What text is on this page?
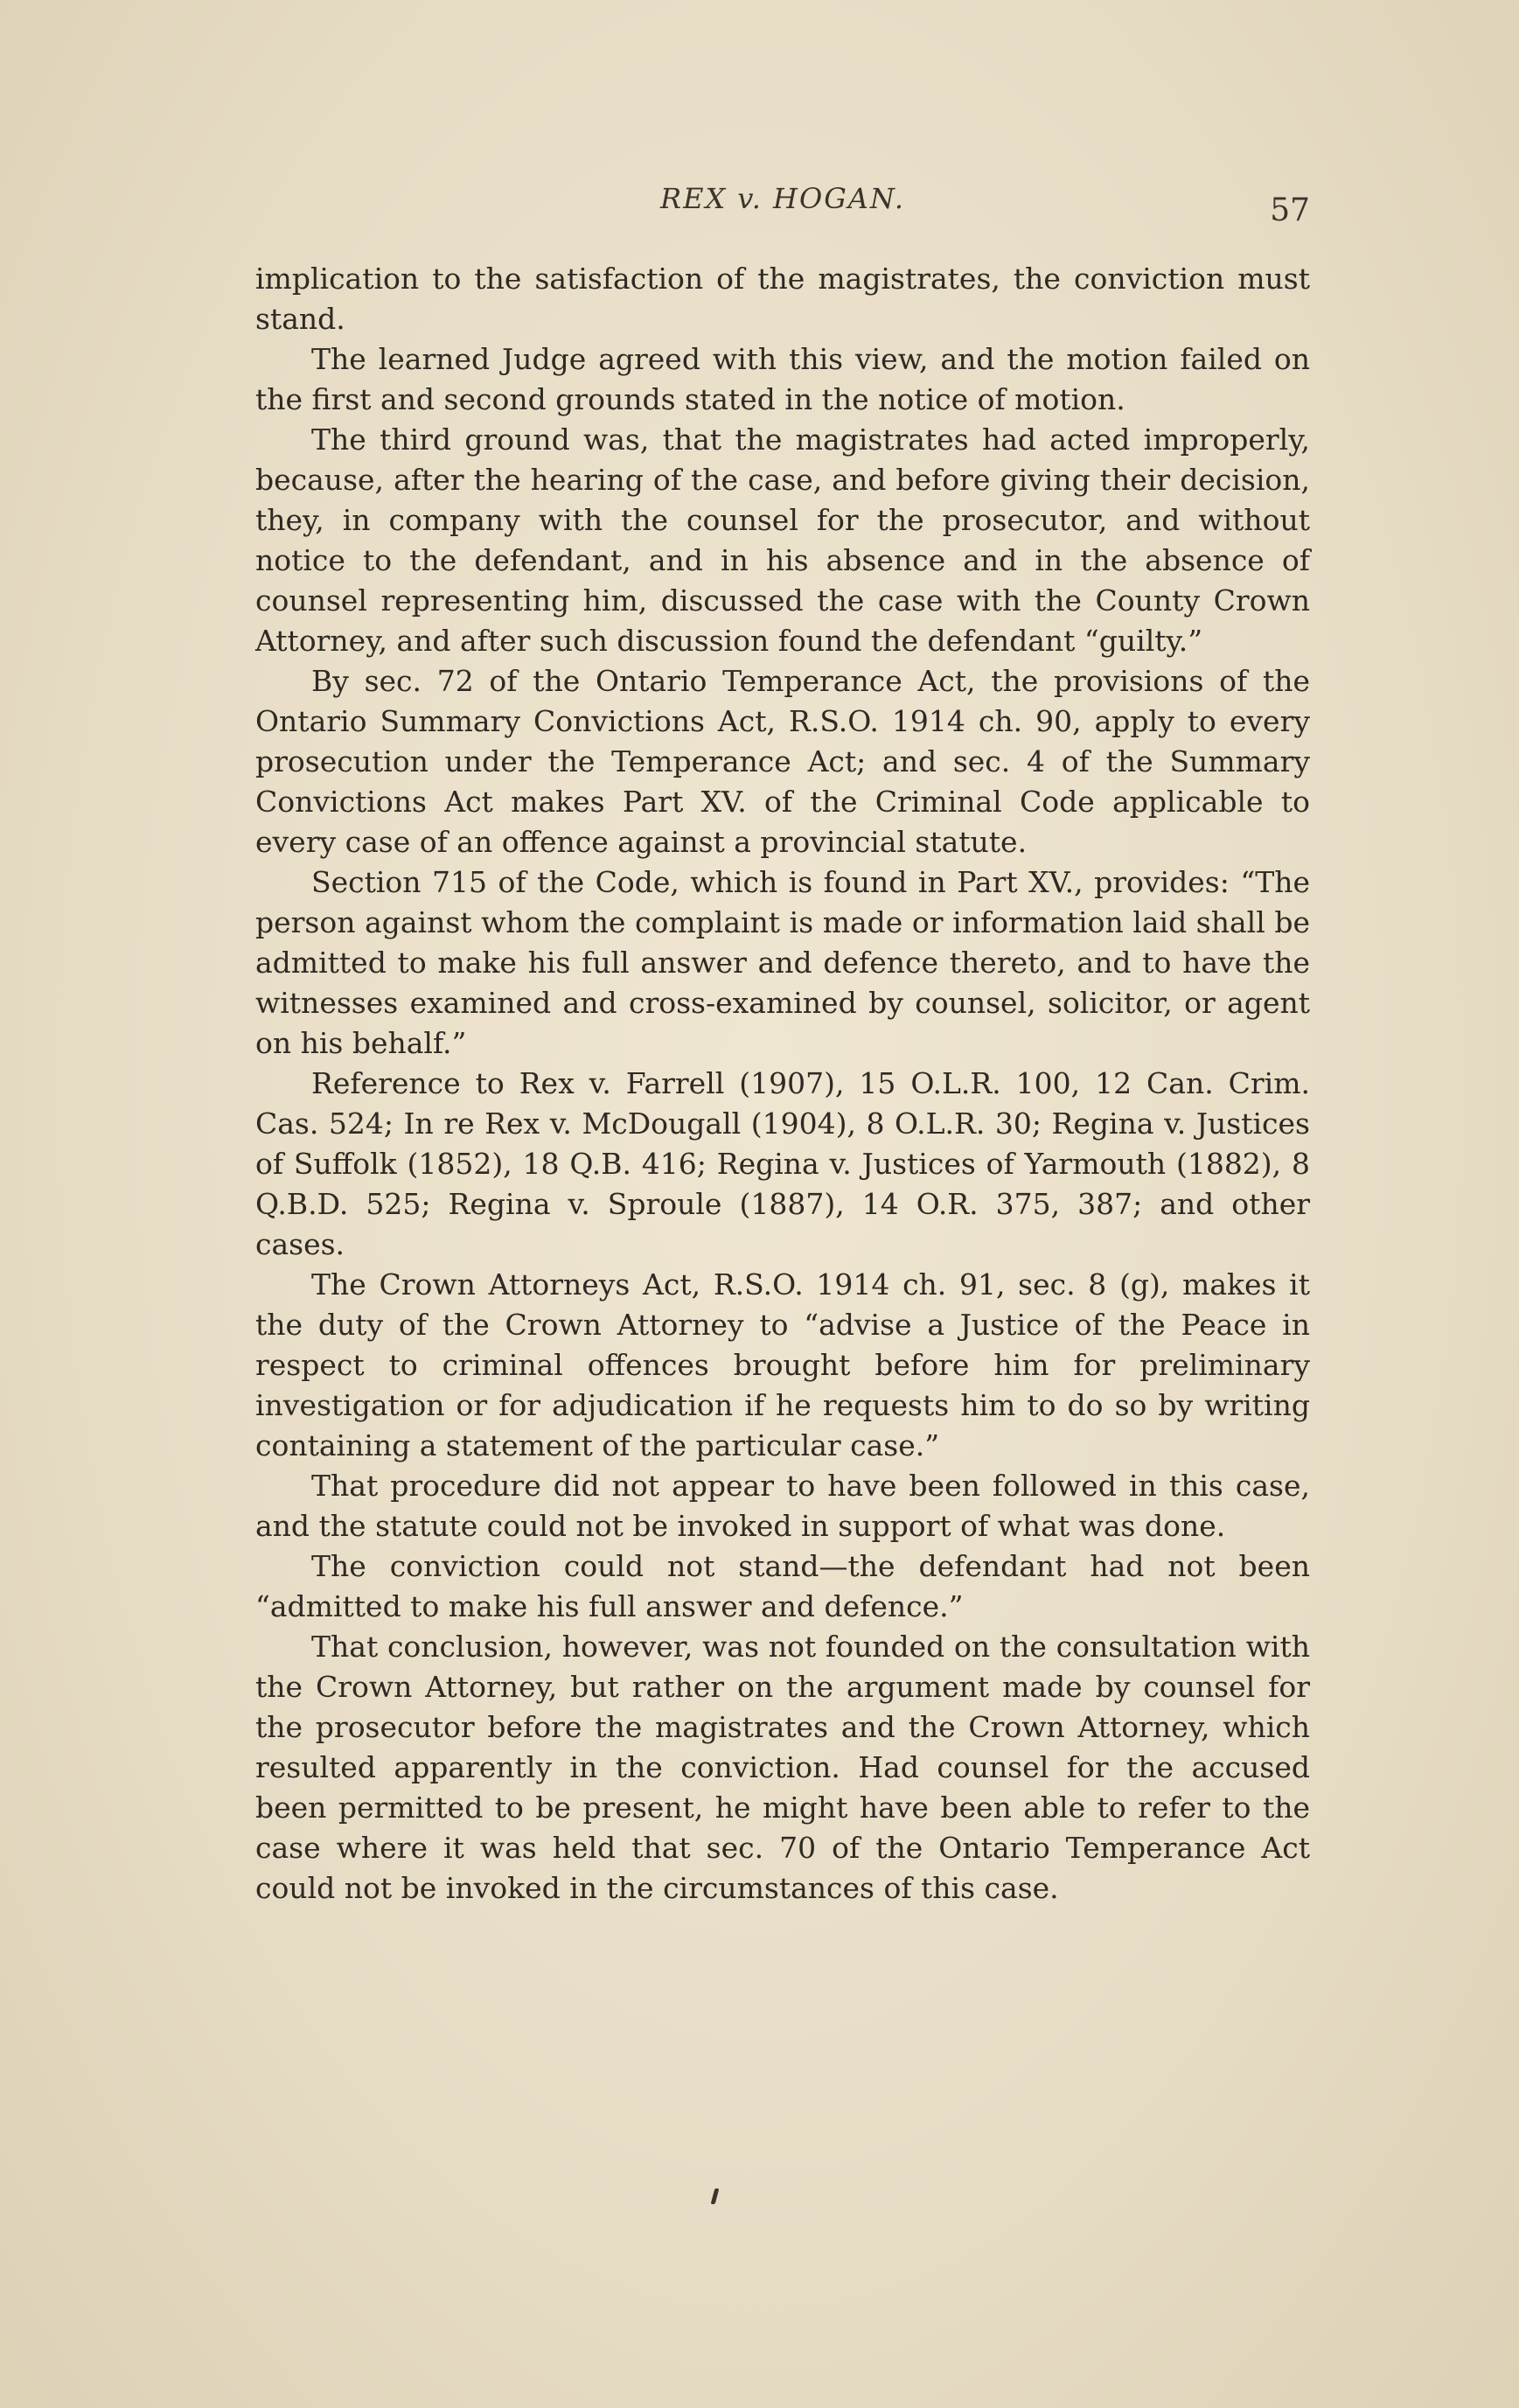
REX v. HOGAN.	57

implication to the satisfaction of the magistrates, the conviction must stand.

The learned Judge agreed with this view, and the motion failed on the first and second grounds stated in the notice of motion.

The third ground was, that the magistrates had acted improperly, because, after the hearing of the case, and before giving their decision, they, in company with the counsel for the prosecutor, and without notice to the defendant, and in his absence and in the absence of counsel representing him, discussed the case with the County Crown Attorney, and after such discussion found the defendant “guilty.”

By sec. 72 of the Ontario Temperance Act, the provisions of the Ontario Summary Convictions Act, R.S.O. 1914 ch. 90, apply to every prosecution under the Temperance Act; and sec. 4 of the Summary Convictions Act makes Part XV. of the Criminal Code applicable to every case of an offence against a provincial statute.

Section 715 of the Code, which is found in Part XV., provides: “The person against whom the complaint is made or information laid shall be admitted to make his full answer and defence thereto, and to have the witnesses examined and cross-examined by counsel, solicitor, or agent on his behalf.”

Reference to Rex v. Farrell (1907), 15 O.L.R. 100, 12 Can. Crim. Cas. 524; In re Rex v. McDougall (1904), 8 O.L.R. 30; Regina v. Justices of Suffolk (1852), 18 Q.B. 416; Regina v. Justices of Yarmouth (1882), 8 Q.B.D. 525; Regina v. Sproule (1887), 14 O.R. 375, 387; and other cases.

The Crown Attorneys Act, R.S.O. 1914 ch. 91, sec. 8 (g), makes it the duty of the Crown Attorney to “advise a Justice of the Peace in respect to criminal offences brought before him for preliminary investigation or for adjudication if he requests him to do so by writing containing a statement of the particular case.”

That procedure did not appear to have been followed in this case, and the statute could not be invoked in support of what was done.

The conviction could not stand—the defendant had not been “admitted to make his full answer and defence.”

That conclusion, however, was not founded on the consultation with the Crown Attorney, but rather on the argument made by counsel for the prosecutor before the magistrates and the Crown Attorney, which resulted apparently in the conviction. Had counsel for the accused been permitted to be present, he might have been able to refer to the case where it was held that sec. 70 of the Ontario Temperance Act could not be invoked in the circumstances of this case.
